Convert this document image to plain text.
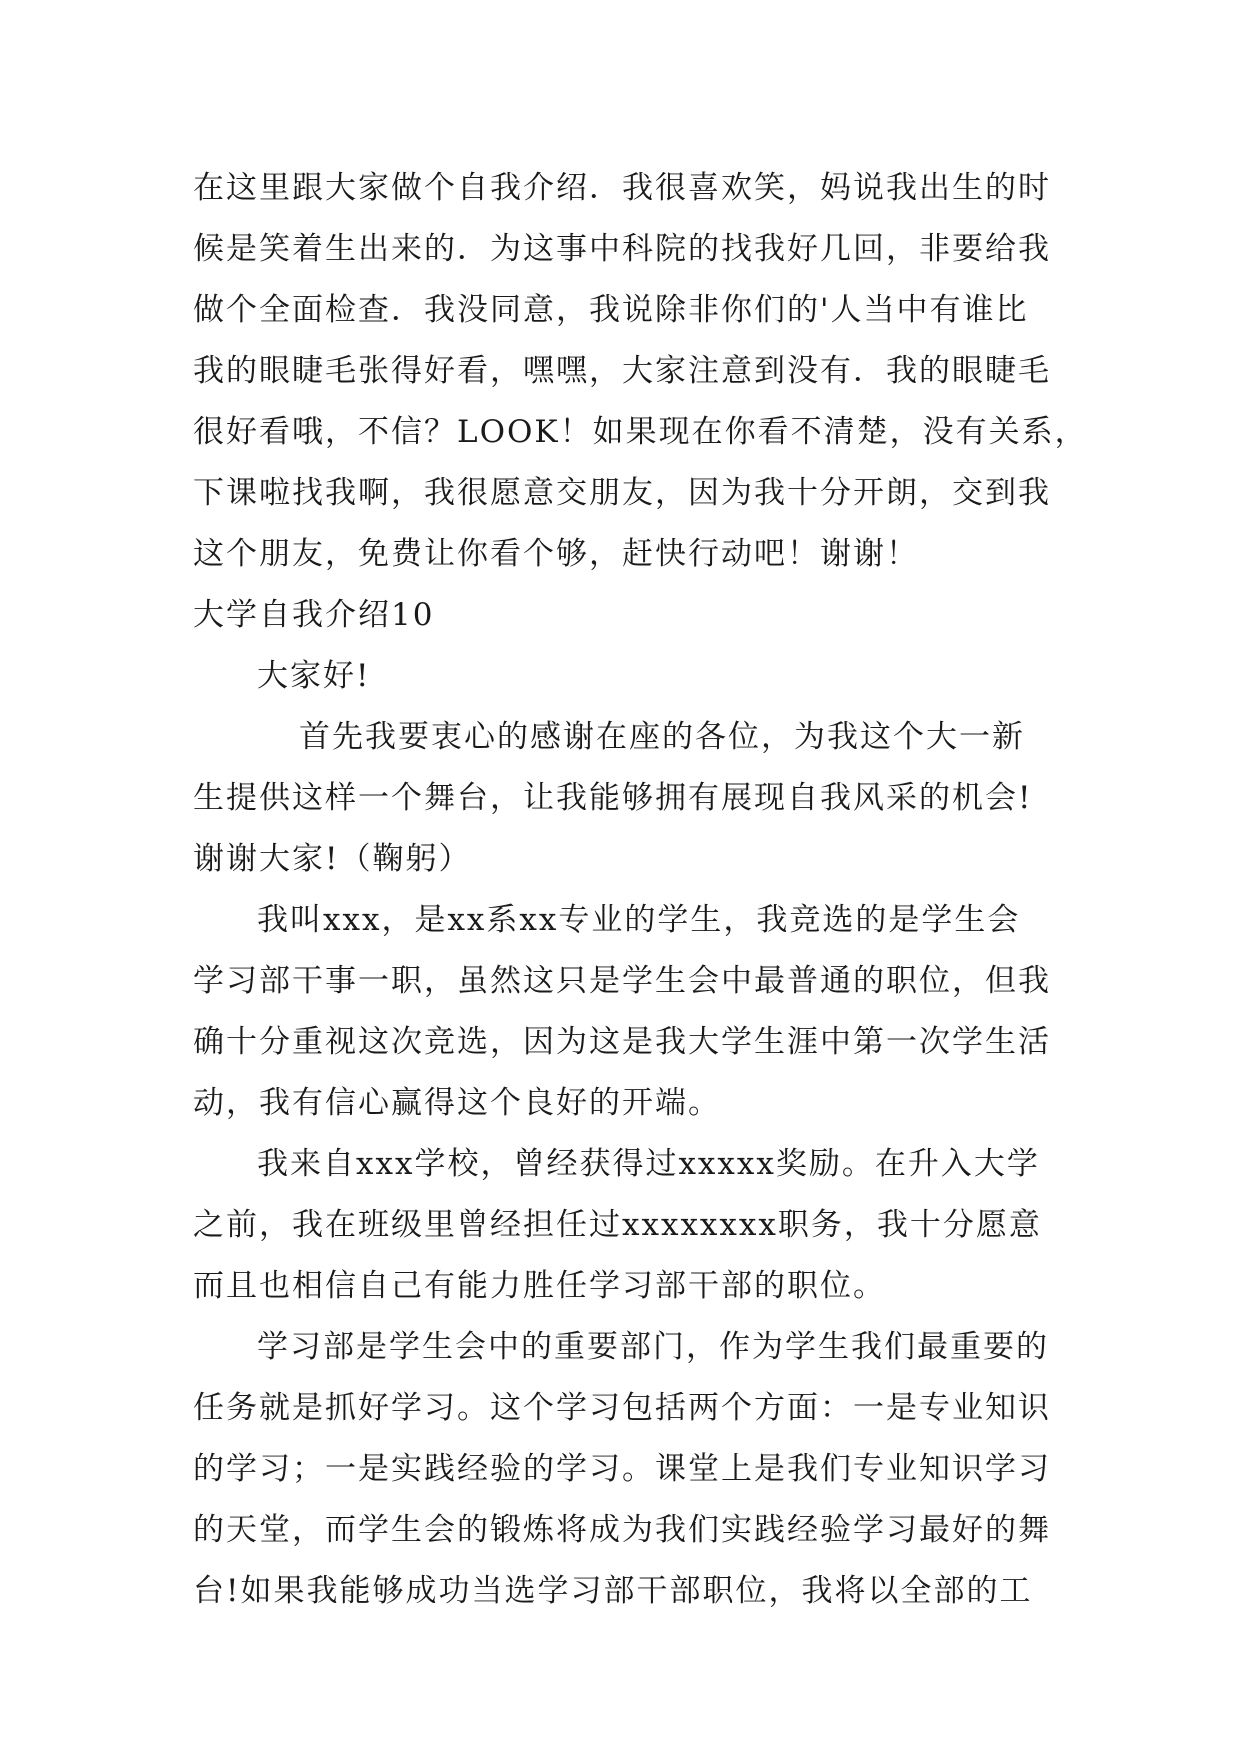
在这里跟大家做个自我介绍．我很喜欢笑，妈说我出生的时
候是笑着生出来的．为这事中科院的找我好几回，非要给我
做个全面检查．我没同意，我说除非你们的'人当中有谁比
我的眼睫毛张得好看，嘿嘿，大家注意到没有．我的眼睫毛
很好看哦，不信？LOOK！如果现在你看不清楚，没有关系，
下课啦找我啊，我很愿意交朋友，因为我十分开朗，交到我
这个朋友，免费让你看个够，赶快行动吧！谢谢！
大学自我介绍10
大家好!
首先我要衷心的感谢在座的各位，为我这个大一新
生提供这样一个舞台，让我能够拥有展现自我风采的机会!
谢谢大家!（鞠躬）
我叫xxx，是xx系xx专业的学生，我竞选的是学生会
学习部干事一职，虽然这只是学生会中最普通的职位，但我
确十分重视这次竞选，因为这是我大学生涯中第一次学生活
动，我有信心赢得这个良好的开端。
我来自xxx学校，曾经获得过xxxxx奖励。在升入大学
之前，我在班级里曾经担任过xxxxxxxx职务，我十分愿意
而且也相信自己有能力胜任学习部干部的职位。
学习部是学生会中的重要部门，作为学生我们最重要的
任务就是抓好学习。这个学习包括两个方面：一是专业知识
的学习；一是实践经验的学习。课堂上是我们专业知识学习
的天堂，而学生会的锻炼将成为我们实践经验学习最好的舞
台!如果我能够成功当选学习部干部职位，我将以全部的工
